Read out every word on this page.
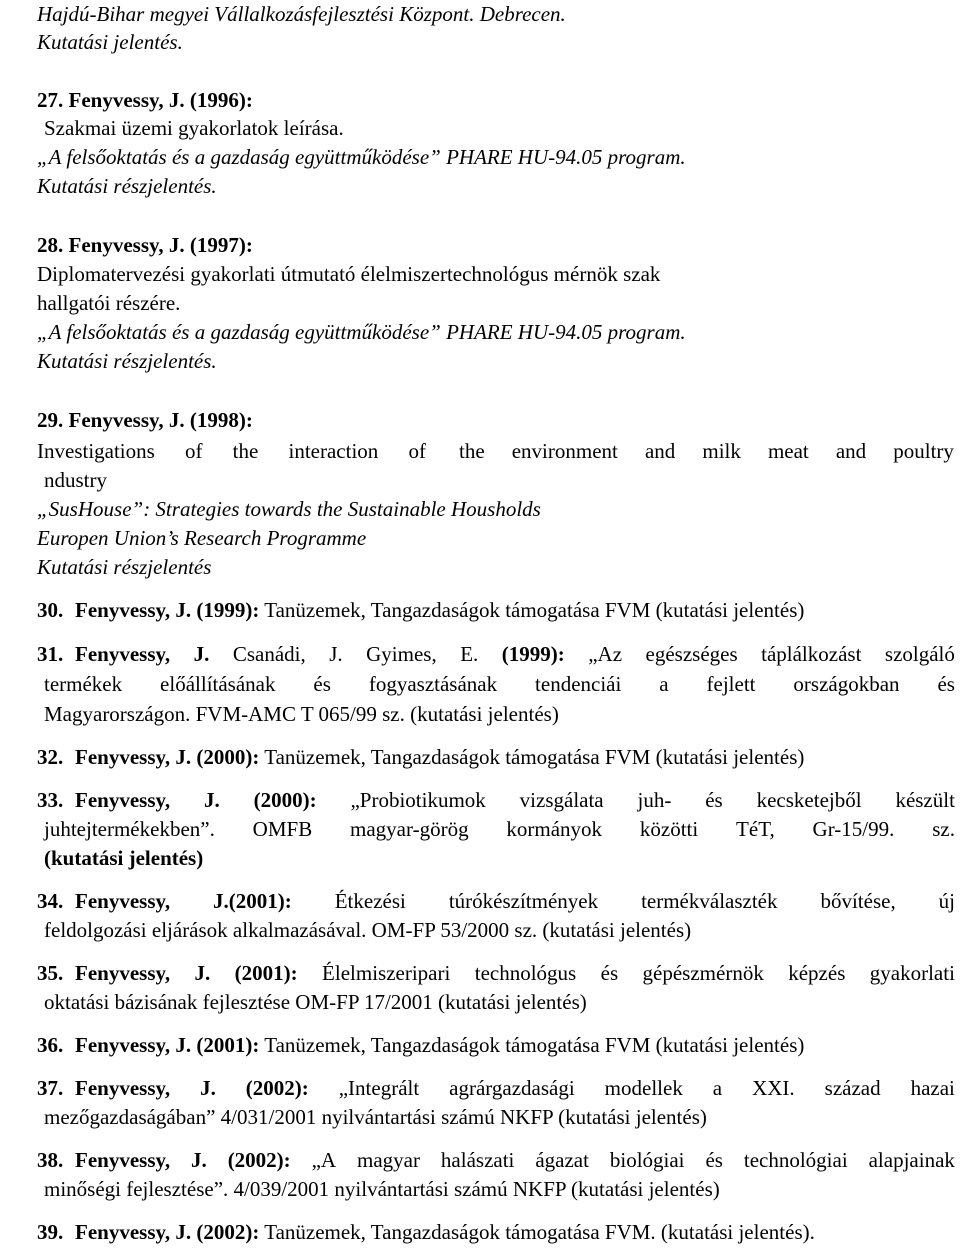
Hajdú-Bihar megyei Vállalkozásfejlesztési Központ. Debrecen.
Kutatási jelentés.
27. Fenyvessy, J. (1996):
Szakmai üzemi gyakorlatok leírása.
„A felsőoktatás és a gazdaság együttműködése” PHARE HU-94.05 program.
Kutatási részjelentés.
28. Fenyvessy, J. (1997):
Diplomatervezési gyakorlati útmutató élelmiszertechnológus mérnök szak
hallgatói részére.
„A felsőoktatás és a gazdaság együttműködése” PHARE HU-94.05 program.
Kutatási részjelentés.
29. Fenyvessy, J. (1998):
Investigations of the interaction of the environment and milk meat and poultry
ndustry
„SusHouse”: Strategies towards the Sustainable Housholds
Europen Union’s Research Programme
Kutatási részjelentés
30. Fenyvessy, J. (1999): Tanüzemek, Tangazdaságok támogatása FVM (kutatási jelentés)
31. Fenyvessy, J. Csanádi, J. Gyimes, E. (1999): „Az egészséges táplálkozást szolgáló
termékek előállításának és fogyasztásának tendenciái a fejlett országokban és
Magyarországon. FVM-AMC T 065/99 sz. (kutatási jelentés)
32. Fenyvessy, J. (2000): Tanüzemek, Tangazdaságok támogatása FVM (kutatási jelentés)
33. Fenyvessy, J. (2000): „Probiotikumok vizsgálata juh- és kecsketejből készült
juhtejtermékekben”. OMFB magyar-görög kormányok közötti TéT, Gr-15/99. sz.
(kutatási jelentés)
34. Fenyvessy, J.(2001): Étkezési túrókészítmények termékválaszték bővítése, új
feldolgozási eljárások alkalmazásával. OM-FP 53/2000 sz. (kutatási jelentés)
35. Fenyvessy, J. (2001): Élelmiszeripari technológus és gépészmérnök képzés gyakorlati
oktatási bázisának fejlesztése OM-FP 17/2001 (kutatási jelentés)
36. Fenyvessy, J. (2001): Tanüzemek, Tangazdaságok támogatása FVM (kutatási jelentés)
37. Fenyvessy, J. (2002): „Integrált agrárgazdasági modellek a XXI. század hazai
mezőgazdaságában” 4/031/2001 nyilvántartási számú NKFP (kutatási jelentés)
38. Fenyvessy, J. (2002): „A magyar halászati ágazat biológiai és technológiai alapjainak
minőségi fejlesztése”. 4/039/2001 nyilvántartási számú NKFP (kutatási jelentés)
39. Fenyvessy, J. (2002): Tanüzemek, Tangazdaságok támogatása FVM. (kutatási jelentés).
